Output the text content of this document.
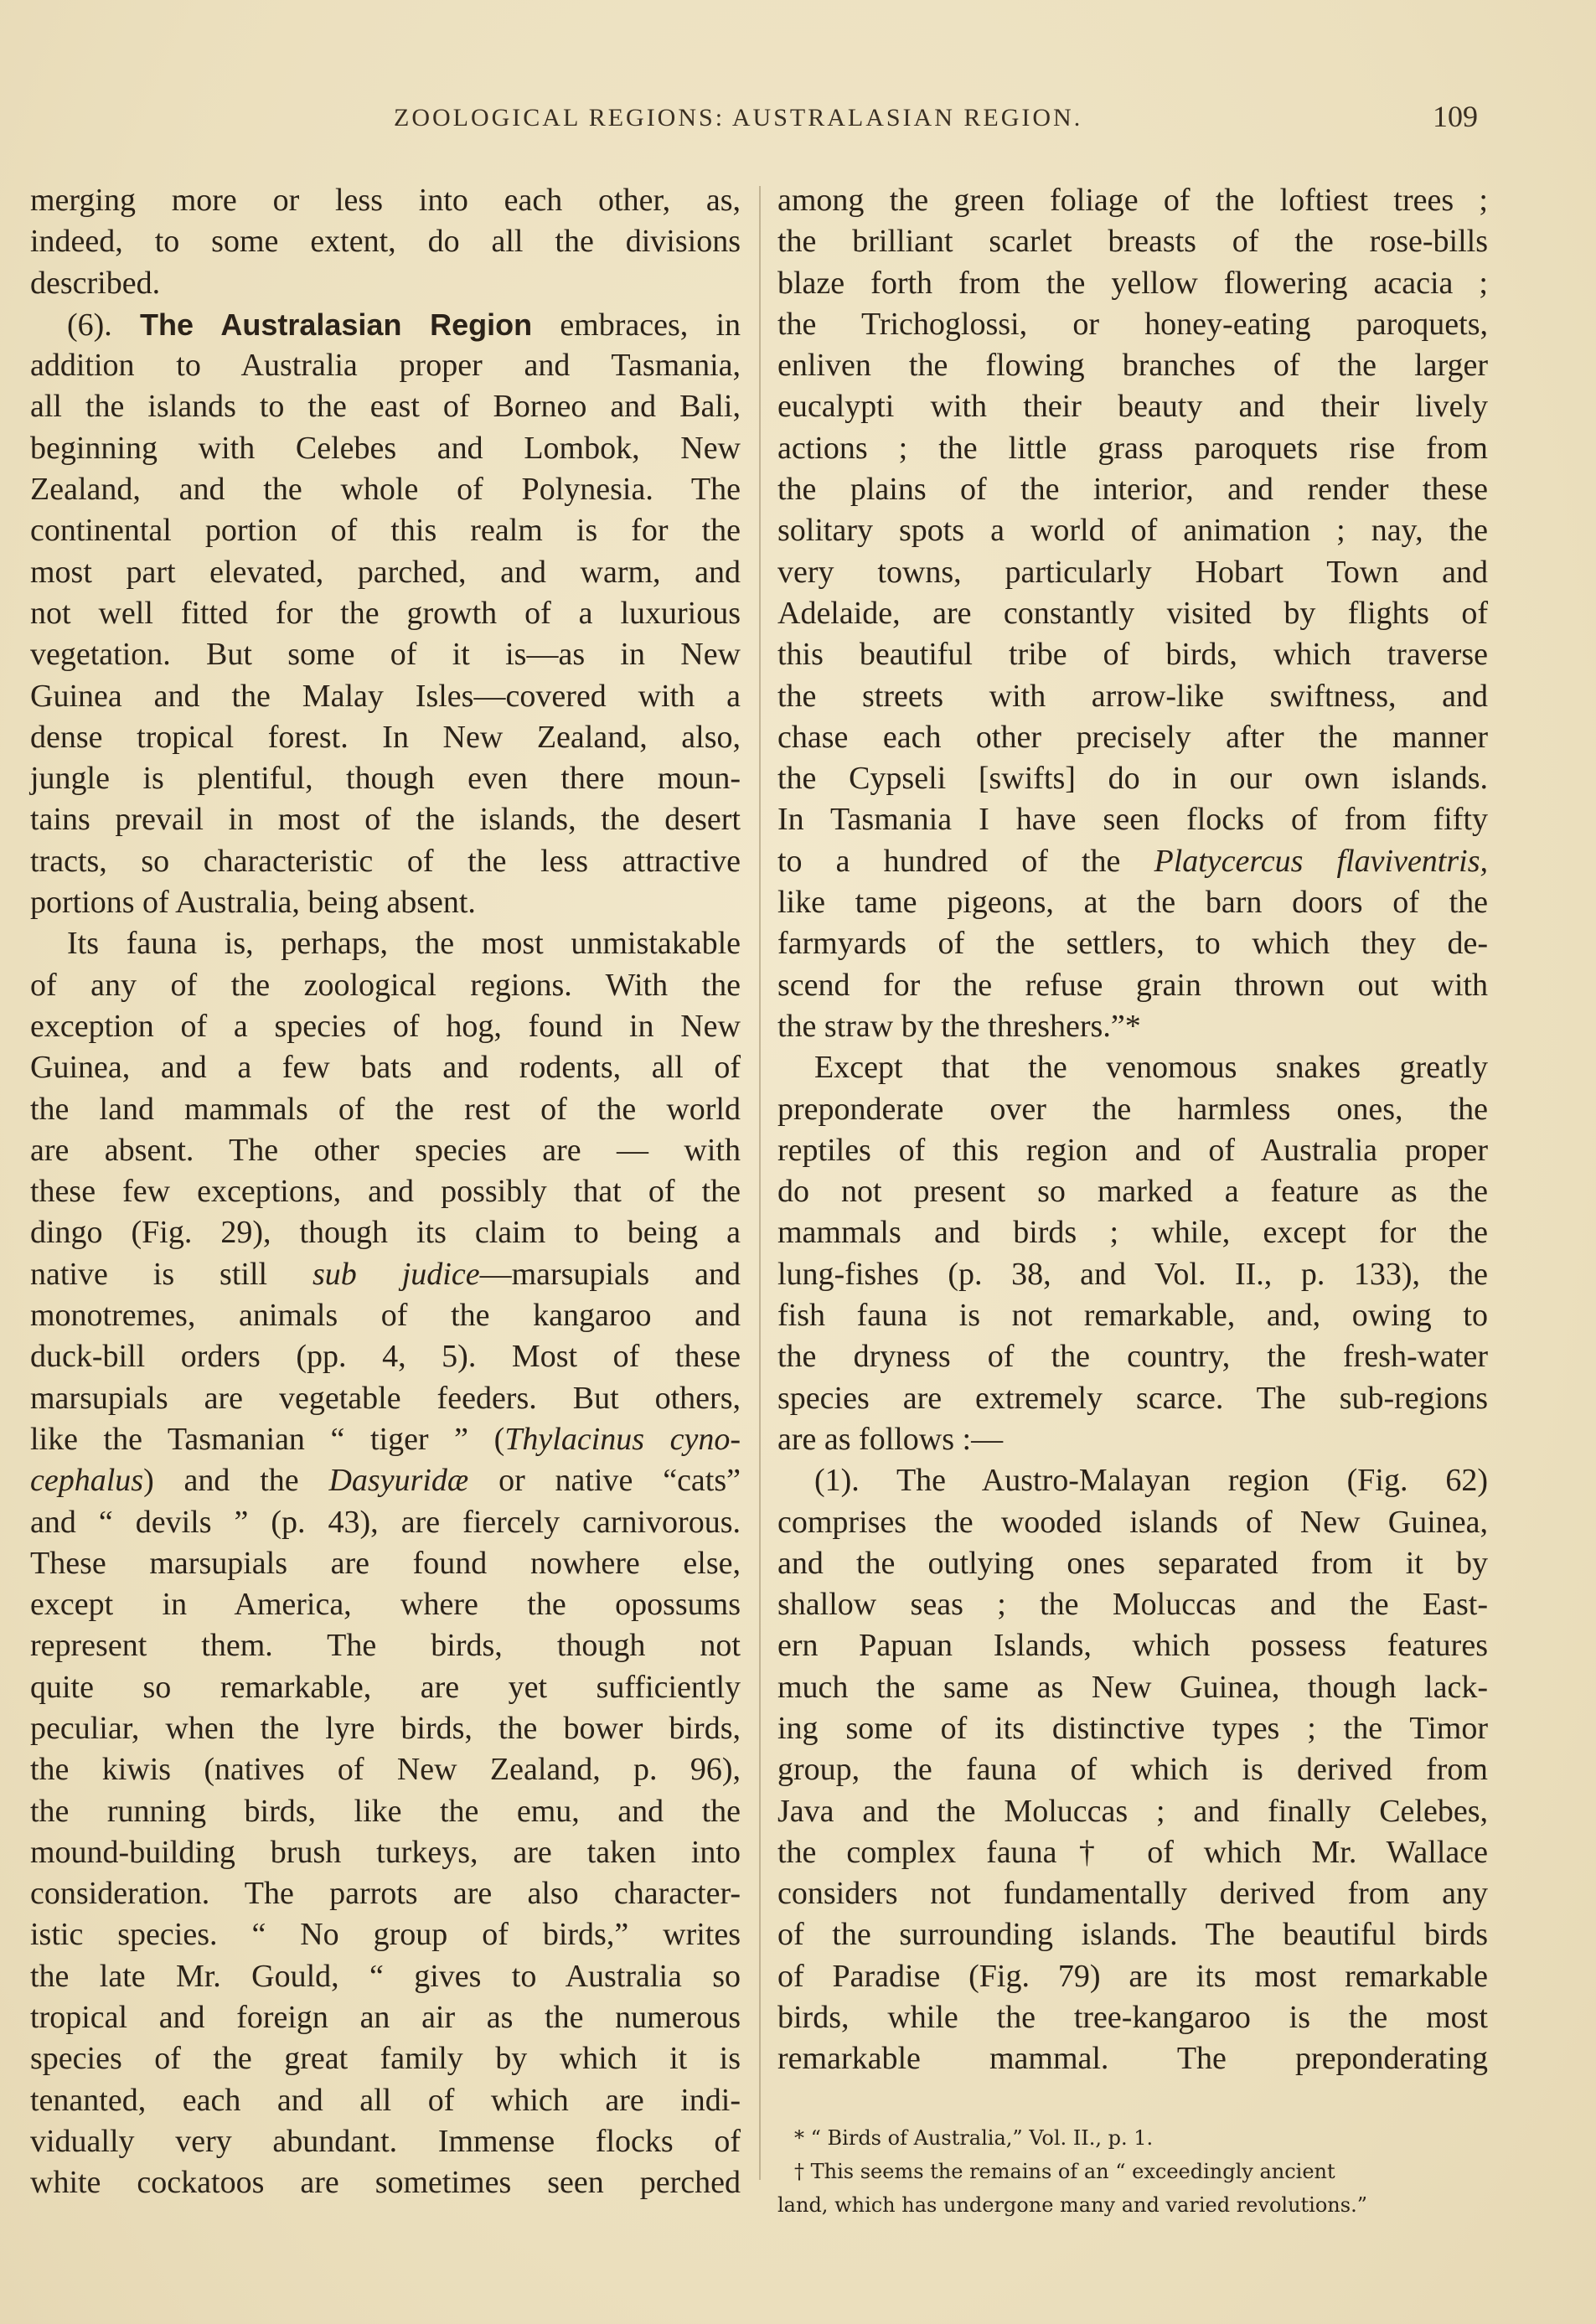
ZOOLOGICAL REGIONS: AUSTRALASIAN REGION.	109
merging more or less into each other, as,
indeed, to some extent, do all the divisions
described.
(6). The Australasian Region embraces, in
addition to Australia proper and Tasmania,
all the islands to the east of Borneo and Bali,
beginning with Celebes and Lombok, New
Zealand, and the whole of Polynesia. The
continental portion of this realm is for the
most part elevated, parched, and warm, and
not well fitted for the growth of a luxurious
vegetation. But some of it is—as in New
Guinea and the Malay Isles—covered with a
dense tropical forest. In New Zealand, also,
jungle is plentiful, though even there moun-
tains prevail in most of the islands, the desert
tracts, so characteristic of the less attractive
portions of Australia, being absent.
Its fauna is, perhaps, the most unmistakable
of any of the zoological regions. With the
exception of a species of hog, found in New
Guinea, and a few bats and rodents, all of
the land mammals of the rest of the world
are absent. The other species are — with
these few exceptions, and possibly that of the
dingo (Fig. 29), though its claim to being a
native is still sub judice—marsupials and
monotremes, animals of the kangaroo and
duck-bill orders (pp. 4, 5). Most of these
marsupials are vegetable feeders. But others,
like the Tasmanian “ tiger ” (Thylacinus cyno-
cephalus) and the Dasyuridæ or native “cats”
and “ devils ” (p. 43), are fiercely carnivorous.
These marsupials are found nowhere else,
except in America, where the opossums
represent them. The birds, though not
quite so remarkable, are yet sufficiently
peculiar, when the lyre birds, the bower birds,
the kiwis (natives of New Zealand, p. 96),
the running birds, like the emu, and the
mound-building brush turkeys, are taken into
consideration. The parrots are also character-
istic species. “ No group of birds,” writes
the late Mr. Gould, “ gives to Australia so
tropical and foreign an air as the numerous
species of the great family by which it is
tenanted, each and all of which are indi-
vidually very abundant. Immense flocks of
white cockatoos are sometimes seen perched
among the green foliage of the loftiest trees ;
the brilliant scarlet breasts of the rose-bills
blaze forth from the yellow flowering acacia ;
the Trichoglossi, or honey-eating paroquets,
enliven the flowing branches of the larger
eucalypti with their beauty and their lively
actions ; the little grass paroquets rise from
the plains of the interior, and render these
solitary spots a world of animation ; nay, the
very towns, particularly Hobart Town and
Adelaide, are constantly visited by flights of
this beautiful tribe of birds, which traverse
the streets with arrow-like swiftness, and
chase each other precisely after the manner
the Cypseli [swifts] do in our own islands.
In Tasmania I have seen flocks of from fifty
to a hundred of the Platycercus flaviventris,
like tame pigeons, at the barn doors of the
farmyards of the settlers, to which they de-
scend for the refuse grain thrown out with
the straw by the threshers.”*
Except that the venomous snakes greatly
preponderate over the harmless ones, the
reptiles of this region and of Australia proper
do not present so marked a feature as the
mammals and birds ; while, except for the
lung-fishes (p. 38, and Vol. II., p. 133), the
fish fauna is not remarkable, and, owing to
the dryness of the country, the fresh-water
species are extremely scarce. The sub-regions
are as follows :—
(1). The Austro-Malayan region (Fig. 62)
comprises the wooded islands of New Guinea,
and the outlying ones separated from it by
shallow seas ; the Moluccas and the East-
ern Papuan Islands, which possess features
much the same as New Guinea, though lack-
ing some of its distinctive types ; the Timor
group, the fauna of which is derived from
Java and the Moluccas ; and finally Celebes,
the complex fauna† of which Mr. Wallace
considers not fundamentally derived from any
of the surrounding islands. The beautiful birds
of Paradise (Fig. 79) are its most remarkable
birds, while the tree-kangaroo is the most
remarkable mammal. The preponderating
* “ Birds of Australia,” Vol. II., p. 1.
† This seems the remains of an “ exceedingly ancient
land, which has undergone many and varied revolutions.”
